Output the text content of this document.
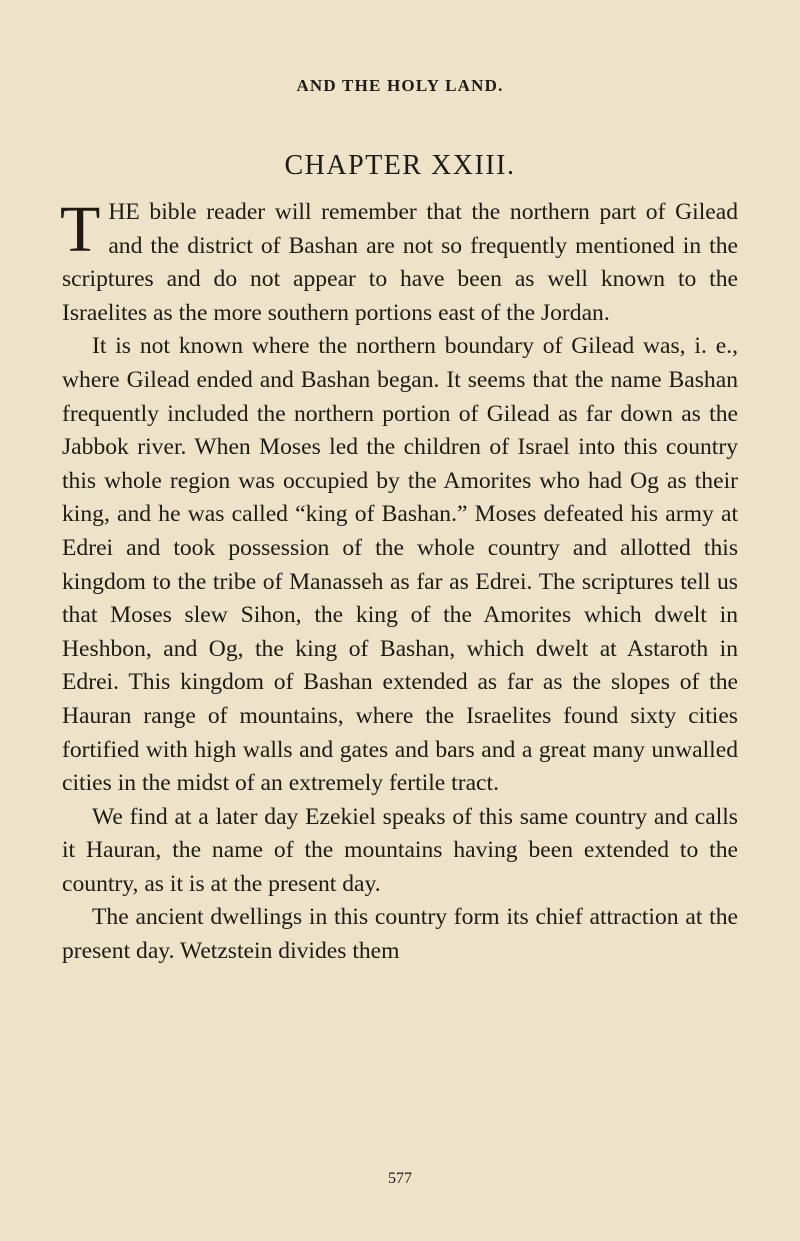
AND THE HOLY LAND.
CHAPTER XXIII.

THE bible reader will remember that the northern part of Gilead and the district of Bashan are not so frequently mentioned in the scriptures and do not appear to have been as well known to the Israelites as the more southern portions east of the Jordan.

It is not known where the northern boundary of Gilead was, i. e., where Gilead ended and Bashan began. It seems that the name Bashan frequently included the northern portion of Gilead as far down as the Jabbok river. When Moses led the children of Israel into this country this whole region was occupied by the Amorites who had Og as their king, and he was called “king of Bashan.” Moses defeated his army at Edrei and took possession of the whole country and allotted this kingdom to the tribe of Manasseh as far as Edrei. The scriptures tell us that Moses slew Sihon, the king of the Amorites which dwelt in Heshbon, and Og, the king of Bashan, which dwelt at Astaroth in Edrei. This kingdom of Bashan extended as far as the slopes of the Hauran range of mountains, where the Israelites found sixty cities fortified with high walls and gates and bars and a great many unwalled cities in the midst of an extremely fertile tract.

We find at a later day Ezekiel speaks of this same country and calls it Hauran, the name of the mountains having been extended to the country, as it is at the present day.

The ancient dwellings in this country form its chief attraction at the present day. Wetzstein divides them

577
